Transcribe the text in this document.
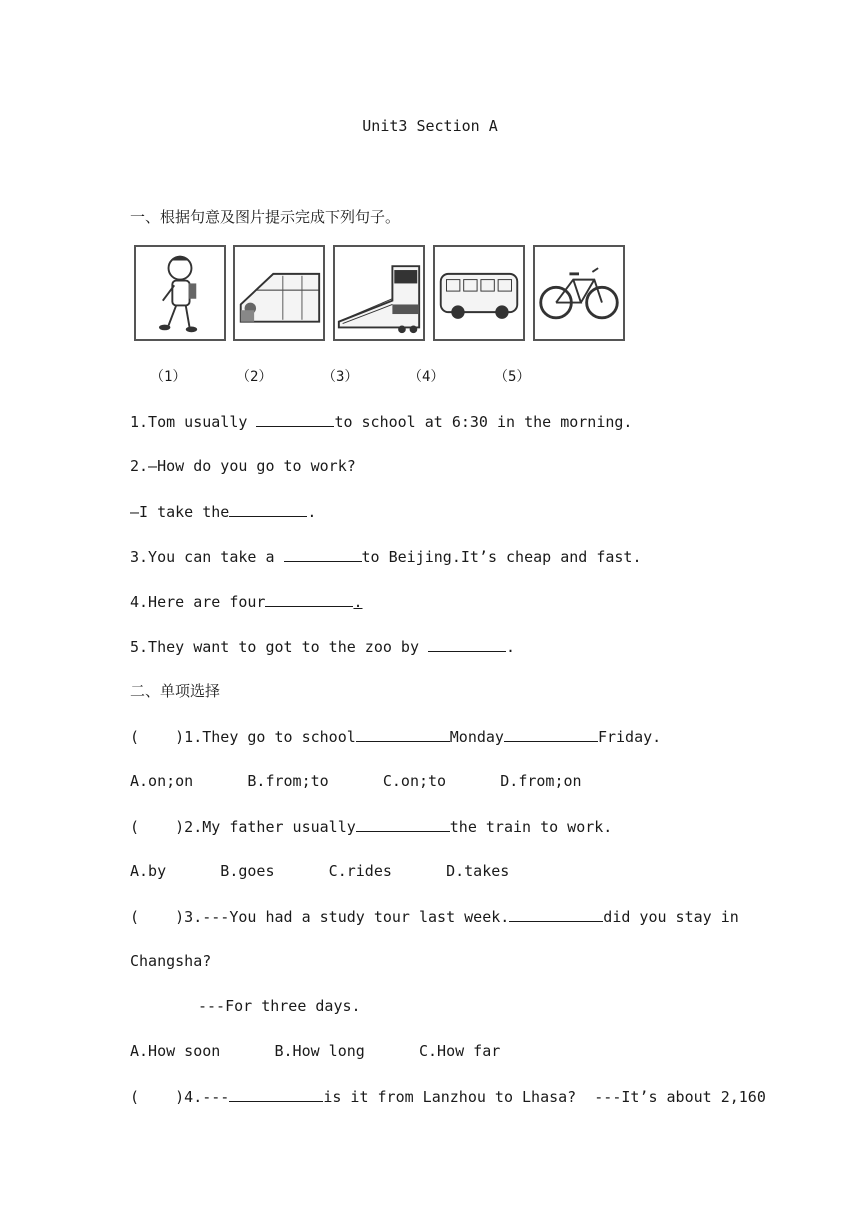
Unit3 Section A
一、根据句意及图片提示完成下列句子。
（1）	（2）	（3）	（4）	（5）
1.Tom usually	to school at 6:30 in the morning.
2.—How do you go to work?
—I take the	.
3.You can take a	to Beijing.It’s cheap and fast.
4.Here are four	.
5.They want to got to the zoo by	.
二、单项选择
(    )1.They go to school	Monday	Friday.
A.on;on      B.from;to      C.on;to      D.from;on
(    )2.My father usually	the train to work.
A.by      B.goes      C.rides      D.takes
(    )3.---You had a study tour last week.	did you stay in
Changsha?
---For three days.
A.How soon      B.How long      C.How far
(    )4.---	is it from Lanzhou to Lhasa?  ---It’s about 2,160
